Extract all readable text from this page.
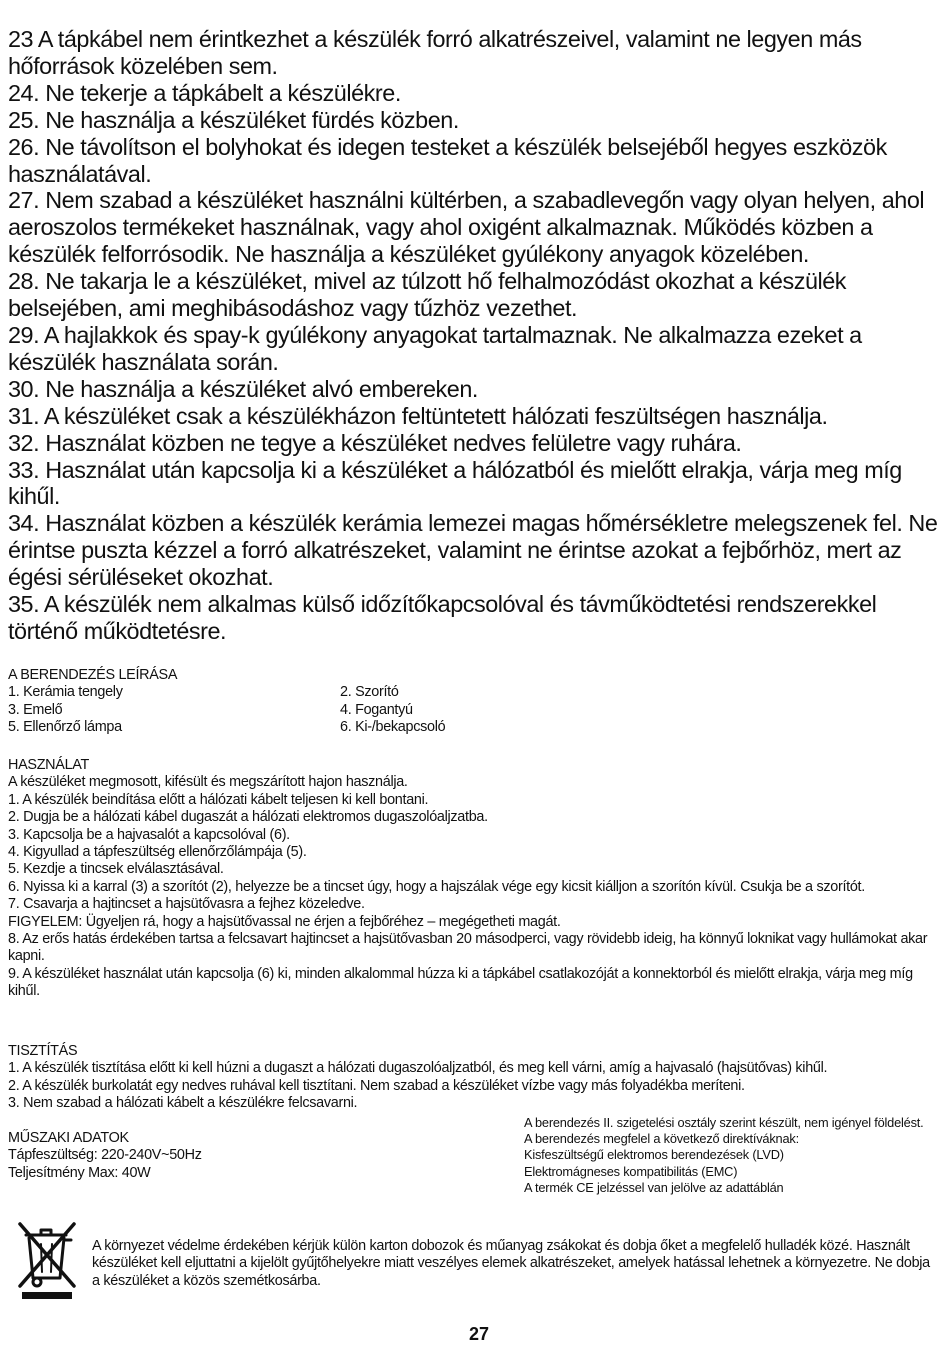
23 A tápkábel nem érintkezhet a készülék forró alkatrészeivel, valamint ne legyen más hőforrások közelében sem.

24. Ne tekerje a tápkábelt a készülékre.

25. Ne használja a készüléket fürdés közben.

26. Ne távolítson el bolyhokat és idegen testeket a készülék belsejéből hegyes eszközök használatával.

27. Nem szabad a készüléket használni kültérben, a szabadlevegőn vagy olyan helyen, ahol aeroszolos termékeket használnak, vagy ahol oxigént alkalmaznak. Működés közben a készülék felforrósodik. Ne használja a készüléket gyúlékony anyagok közelében.

28. Ne takarja le a készüléket, mivel az túlzott hő felhalmozódást okozhat a készülék belsejében, ami meghibásodáshoz vagy tűzhöz vezethet.

29. A hajlakkok és spay-k gyúlékony anyagokat tartalmaznak. Ne alkalmazza ezeket a készülék használata során.

30. Ne használja a készüléket alvó embereken.

31. A készüléket csak a készülékházon feltüntetett hálózati feszültségen használja.

32. Használat közben ne tegye a készüléket nedves felületre vagy ruhára.

33. Használat után kapcsolja ki a készüléket a hálózatból és mielőtt elrakja, várja meg míg kihűl.

34. Használat közben a készülék kerámia lemezei magas hőmérsékletre melegszenek fel. Ne érintse puszta kézzel a forró alkatrészeket, valamint ne érintse azokat a fejbőrhöz, mert az égési sérüléseket okozhat.

35. A készülék nem alkalmas külső időzítőkapcsolóval és távműködtetési rendszerekkel történő működtetésre.

A BERENDEZÉS LEÍRÁSA

1. Kerámia tengely	2. Szorító
3. Emelő	4. Fogantyú
5. Ellenőrző lámpa	6. Ki-/bekapcsoló

HASZNÁLAT

A készüléket megmosott, kifésült és megszárított hajon használja.

1. A készülék beindítása előtt a hálózati kábelt teljesen ki kell bontani.

2. Dugja be a hálózati kábel dugaszát a hálózati elektromos dugaszolóaljzatba.

3. Kapcsolja be a hajvasalót a kapcsolóval (6).

4. Kigyullad a tápfeszültség ellenőrzőlámpája (5).

5. Kezdje a tincsek elválasztásával.

6. Nyissa ki a karral (3) a szorítót (2), helyezze be a tincset úgy, hogy a hajszálak vége egy kicsit kiálljon a szorítón kívül. Csukja be a szorítót.

7. Csavarja a hajtincset a hajsütővasra a fejhez közeledve.

FIGYELEM: Ügyeljen rá, hogy a hajsütővassal ne érjen a fejbőréhez – megégetheti magát.

8. Az erős hatás érdekében tartsa a felcsavart hajtincset a hajsütővasban 20 másodperci, vagy rövidebb ideig, ha könnyű loknikat vagy hullámokat akar kapni.

9. A készüléket használat után kapcsolja (6) ki, minden alkalommal húzza ki a tápkábel csatlakozóját a konnektorból és mielőtt elrakja, várja meg míg kihűl.

TISZTÍTÁS

1. A készülék tisztítása előtt ki kell húzni a dugaszt a hálózati dugaszolóaljzatból, és meg kell várni, amíg a hajvasaló (hajsütővas) kihűl.

2. A készülék burkolatát egy nedves ruhával kell tisztítani. Nem szabad a készüléket vízbe vagy más folyadékba meríteni.

3. Nem szabad a hálózati kábelt a készülékre felcsavarni.

MŰSZAKI ADATOK

Tápfeszültség: 220-240V~50Hz

Teljesítmény Max: 40W

A berendezés II. szigetelési osztály szerint készült, nem igényel földelést.

A berendezés megfelel a következő direktíváknak:

Kisfeszültségű elektromos berendezések (LVD)

Elektromágneses kompatibilitás (EMC)

A termék CE jelzéssel van jelölve az adattáblán

A környezet védelme érdekében kérjük külön karton dobozok és műanyag zsákokat és dobja őket a megfelelő hulladék közé. Használt készüléket kell eljuttatni a kijelölt gyűjtőhelyekre miatt veszélyes elemek alkatrészeket, amelyek hatással lehetnek a környezetre. Ne dobja a készüléket a közös szemétkosárba.
27
